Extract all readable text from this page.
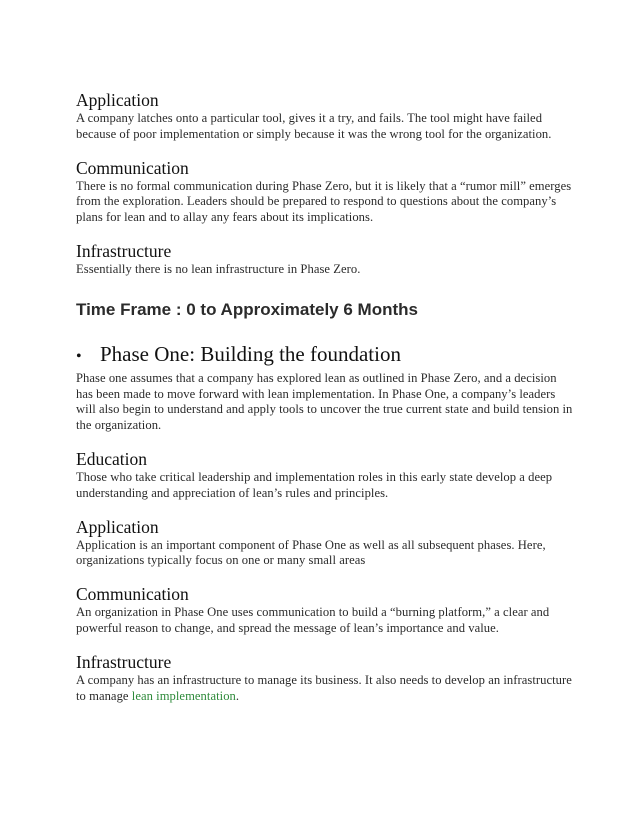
Application

A company latches onto a particular tool, gives it a try, and fails. The tool might have failed because of poor implementation or simply because it was the wrong tool for the organization.

Communication

There is no formal communication during Phase Zero, but it is likely that a “rumor mill” emerges from the exploration. Leaders should be prepared to respond to questions about the company’s plans for lean and to allay any fears about its implications.

Infrastructure

Essentially there is no lean infrastructure in Phase Zero.

Time Frame : 0 to Approximately 6 Months
• Phase One: Building the foundation

Phase one assumes that a company has explored lean as outlined in Phase Zero, and a decision has been made to move forward with lean implementation. In Phase One, a company’s leaders will also begin to understand and apply tools to uncover the true current state and build tension in the organization.

Education

Those who take critical leadership and implementation roles in this early state develop a deep understanding and appreciation of lean’s rules and principles.

Application

Application is an important component of Phase One as well as all subsequent phases. Here, organizations typically focus on one or many small areas

Communication

An organization in Phase One uses communication to build a “burning platform,” a clear and powerful reason to change, and spread the message of lean’s importance and value.

Infrastructure

A company has an infrastructure to manage its business. It also needs to develop an infrastructure to manage lean implementation.
